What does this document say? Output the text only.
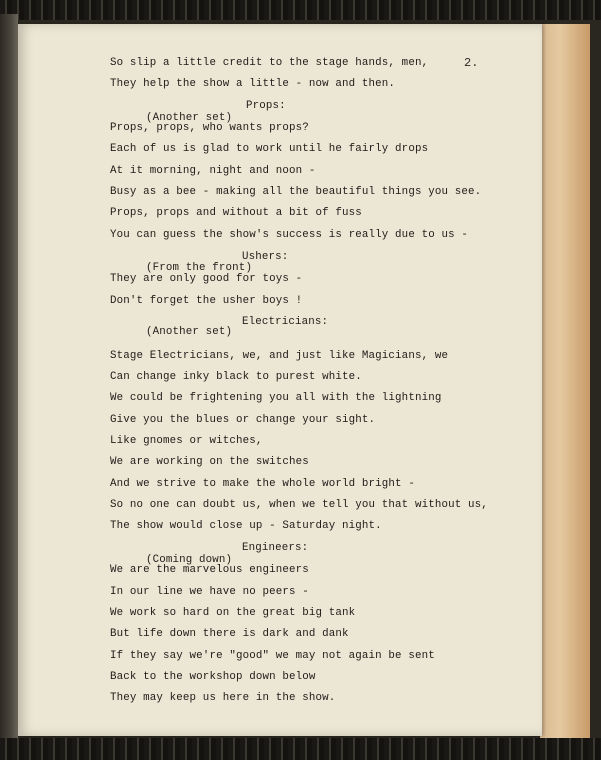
2.
So slip a little credit to the stage hands, men,
They help the show a little - now and then.
Props:
(Another set)
Props, props, who wants props?
Each of us is glad to work until he fairly drops
At it morning, night and noon -
Busy as a bee - making all the beautiful things you see.
Props, props and without a bit of fuss
You can guess the show's success is really due to us -
Ushers:
(From the front)
They are only good for toys -
Don't forget the usher boys !
Electricians:
(Another set)
Stage Electricians, we, and just like Magicians, we
Can change inky black to purest white.
We could be frightening you all with the lightning
Give you the blues or change your sight.
Like gnomes or witches,
We are working on the switches
And we strive to make the whole world bright -
So no one can doubt us, when we tell you that without us,
The show would close up - Saturday night.
Engineers:
(Coming down)
We are the marvelous engineers
In our line we have no peers -
We work so hard on the great big tank
But life down there is dark and dank
If they say we're "good" we may not again be sent
Back to the workshop down below
They may keep us here in the show.
